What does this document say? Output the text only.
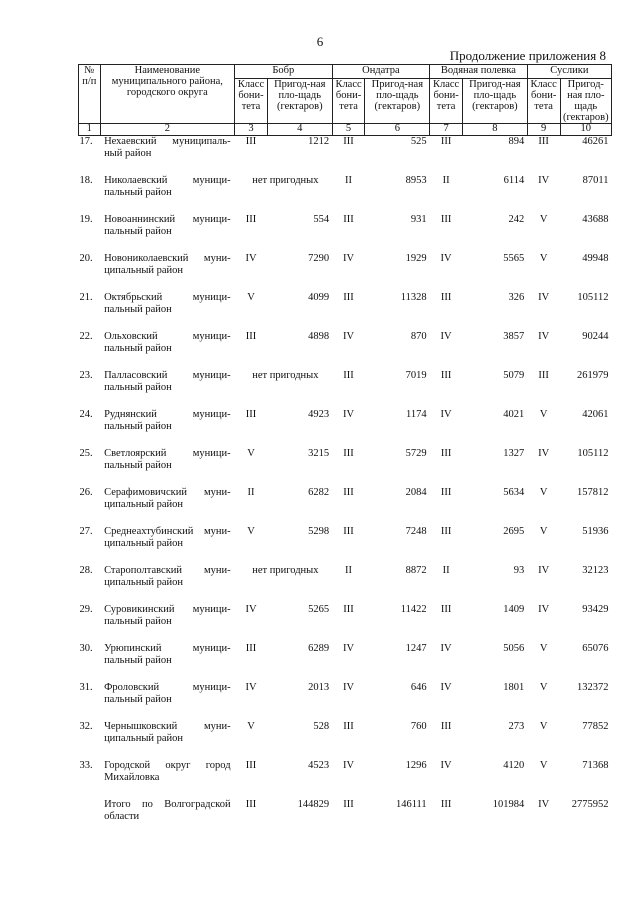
6
Продолжение приложения 8
№ п/п	Наименование муниципального района, городского округа	Бобр		Ондатра		Водяная полевка		Суслики	
		Класс бони-тета	Пригод-ная пло-щадь (гектаров)	Класс бони-тета	Пригод-ная пло-щадь (гектаров)	Класс бони-тета	Пригод-ная пло-щадь (гектаров)	Класс бони-тета	Пригод-ная пло-щадь (гектаров)
1	2	3	4	5	6	7	8	9	10
17.	Нехаевский муниципаль-ный район	III	1212	III	525	III	894	III	46261
18.	Николаевский муници-пальный район	нет пригодных		II	8953	II	6114	IV	87011
19.	Новоаннинский муници-пальный район	III	554	III	931	III	242	V	43688
20.	Новониколаевский муни-ципальный район	IV	7290	IV	1929	IV	5565	V	49948
21.	Октябрьский муници-пальный район	V	4099	III	11328	III	326	IV	105112
22.	Ольховский муници-пальный район	III	4898	IV	870	IV	3857	IV	90244
23.	Палласовский муници-пальный район	нет пригодных		III	7019	III	5079	III	261979
24.	Руднянский муници-пальный район	III	4923	IV	1174	IV	4021	V	42061
25.	Светлоярский муници-пальный район	V	3215	III	5729	III	1327	IV	105112
26.	Серафимовичский муни-ципальный район	II	6282	III	2084	III	5634	V	157812
27.	Среднеахтубинский муни-ципальный район	V	5298	III	7248	III	2695	V	51936
28.	Старополтавский муни-ципальный район	нет пригодных		II	8872	II	93	IV	32123
29.	Суровикинский муници-пальный район	IV	5265	III	11422	III	1409	IV	93429
30.	Урюпинский муници-пальный район	III	6289	IV	1247	IV	5056	V	65076
31.	Фроловский муници-пальный район	IV	2013	IV	646	IV	1801	V	132372
32.	Чернышковский муни-ципальный район	V	528	III	760	III	273	V	77852
33.	Городской округ город Михайловка	III	4523	IV	1296	IV	4120	V	71368
	Итого по Волгоградской области	III	144829	III	146111	III	101984	IV	2775952
